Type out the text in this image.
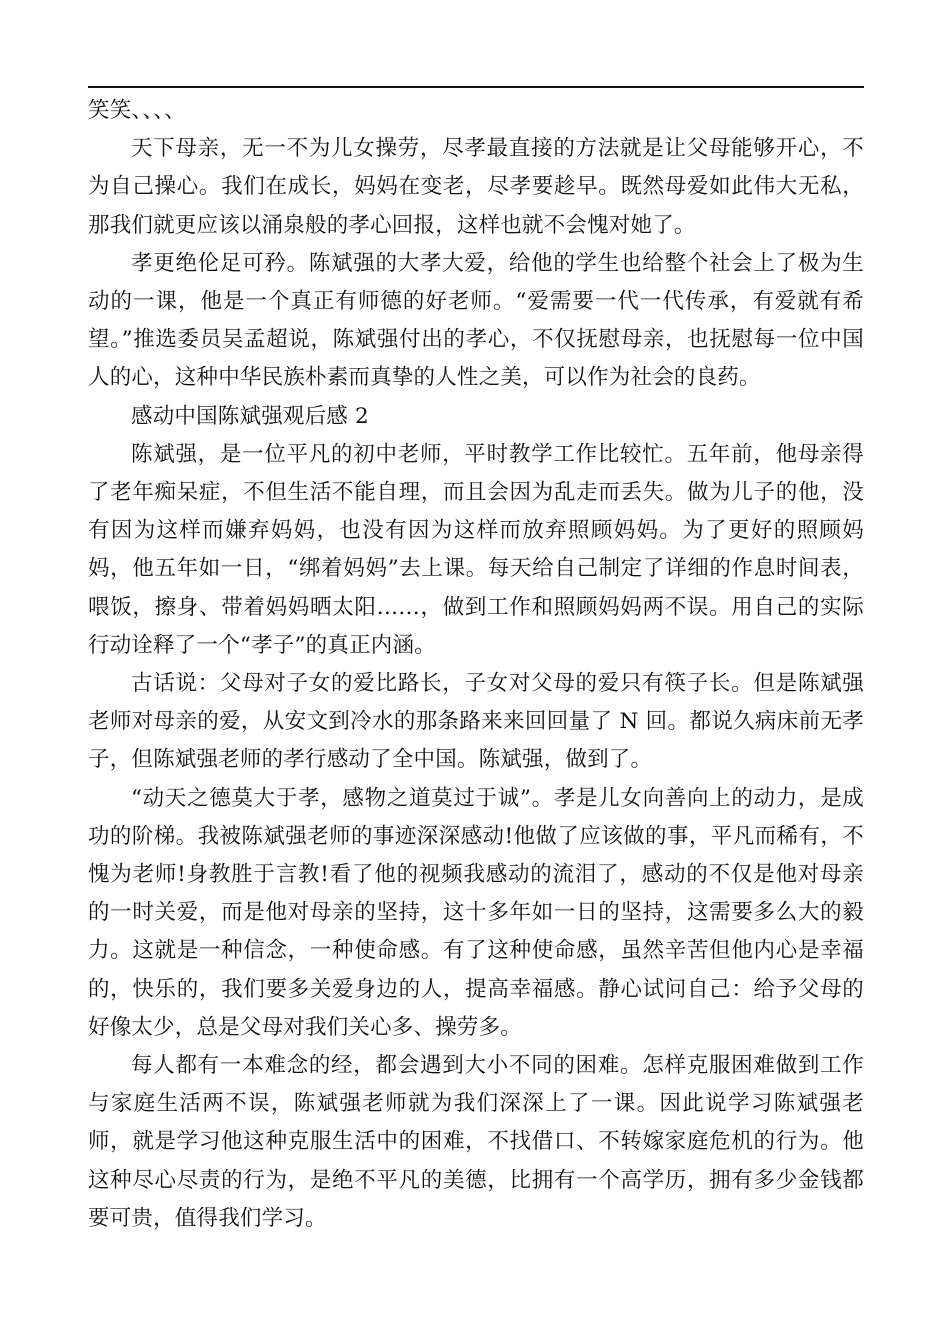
笑笑、、、、

天下母亲，无一不为儿女操劳，尽孝最直接的方法就是让父母能够开心，不为自己操心。我们在成长，妈妈在变老，尽孝要趁早。既然母爱如此伟大无私，那我们就更应该以涌泉般的孝心回报，这样也就不会愧对她了。

孝更绝伦足可矜。陈斌强的大孝大爱，给他的学生也给整个社会上了极为生动的一课，他是一个真正有师德的好老师。“爱需要一代一代传承，有爱就有希望。”推选委员吴孟超说，陈斌强付出的孝心，不仅抚慰母亲，也抚慰每一位中国人的心，这种中华民族朴素而真挚的人性之美，可以作为社会的良药。

感动中国陈斌强观后感 2

陈斌强，是一位平凡的初中老师，平时教学工作比较忙。五年前，他母亲得了老年痴呆症，不但生活不能自理，而且会因为乱走而丢失。做为儿子的他，没有因为这样而嫌弃妈妈，也没有因为这样而放弃照顾妈妈。为了更好的照顾妈妈，他五年如一日，“绑着妈妈”去上课。每天给自己制定了详细的作息时间表，喂饭，擦身、带着妈妈晒太阳……，做到工作和照顾妈妈两不误。用自己的实际行动诠释了一个“孝子”的真正内涵。

古话说：父母对子女的爱比路长，子女对父母的爱只有筷子长。但是陈斌强老师对母亲的爱，从安文到冷水的那条路来来回回量了 N 回。都说久病床前无孝子，但陈斌强老师的孝行感动了全中国。陈斌强，做到了。

“动天之德莫大于孝，感物之道莫过于诚”。孝是儿女向善向上的动力，是成功的阶梯。我被陈斌强老师的事迹深深感动!他做了应该做的事，平凡而稀有，不愧为老师!身教胜于言教!看了他的视频我感动的流泪了，感动的不仅是他对母亲的一时关爱，而是他对母亲的坚持，这十多年如一日的坚持，这需要多么大的毅力。这就是一种信念，一种使命感。有了这种使命感，虽然辛苦但他内心是幸福的，快乐的，我们要多关爱身边的人，提高幸福感。静心试问自己：给予父母的好像太少，总是父母对我们关心多、操劳多。

每人都有一本难念的经，都会遇到大小不同的困难。怎样克服困难做到工作与家庭生活两不误，陈斌强老师就为我们深深上了一课。因此说学习陈斌强老师，就是学习他这种克服生活中的困难，不找借口、不转嫁家庭危机的行为。他这种尽心尽责的行为，是绝不平凡的美德，比拥有一个高学历，拥有多少金钱都要可贵，值得我们学习。
